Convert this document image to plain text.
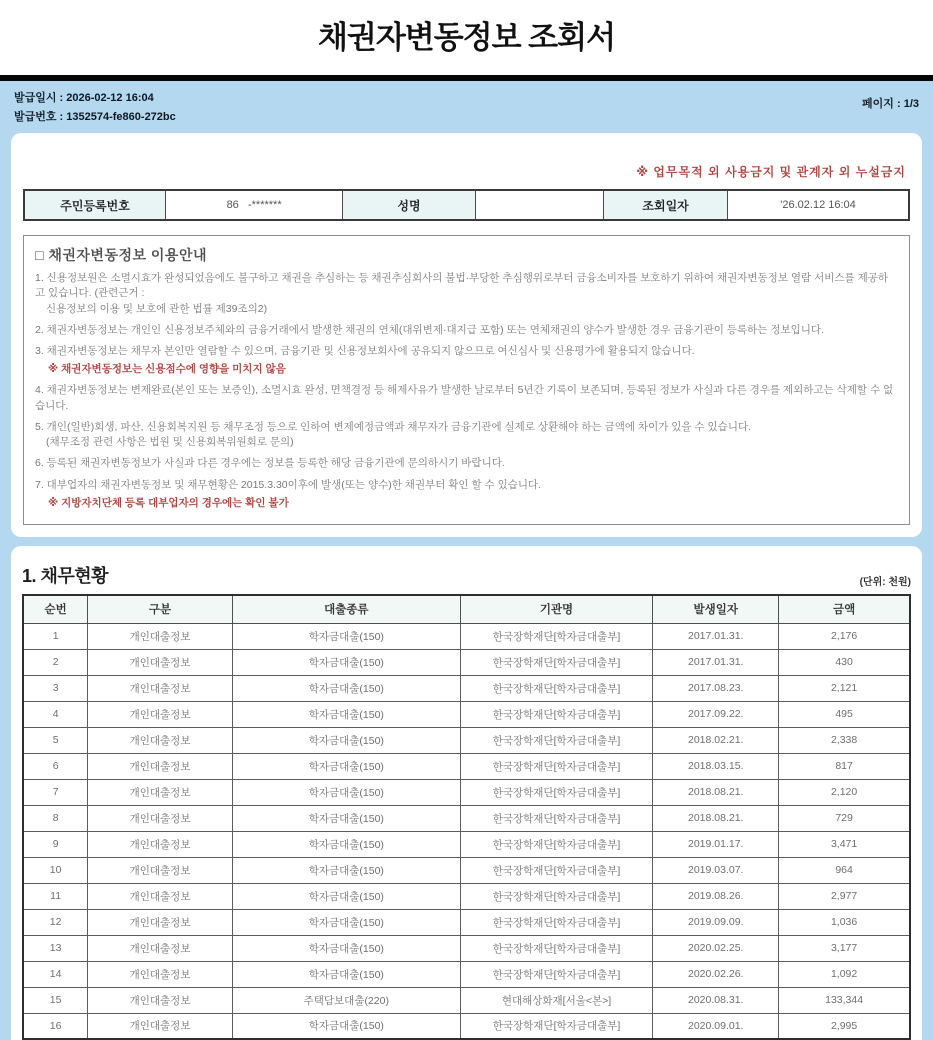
채권자변동정보 조회서
발급일시 : 2026-02-12 16:04
발급번호 : 1352574-fe860-272bc
페이지 : 1/3
※ 업무목적 외 사용금지 및 관계자 외 누설금지
주민등록번호	86   -*******	성명		조회일자	'26.02.12 16:04
□ 채권자변동정보 이용안내
1. 신용정보원은 소멸시효가 완성되었음에도 불구하고 채권을 추심하는 등 채권추심회사의 불법·부당한 추심행위로부터 금융소비자를 보호하기 위하여 채권자변동정보 열람 서비스를 제공하고 있습니다. (관련근거 :
신용정보의 이용 및 보호에 관한 법률 제39조의2)
2. 채권자변동정보는 개인인 신용정보주체와의 금융거래에서 발생한 채권의 연체(대위변제·대지급 포함) 또는 연체채권의 양수가 발생한 경우 금융기관이 등록하는 정보입니다.
3. 채권자변동정보는 채무자 본인만 열람할 수 있으며, 금융기관 및 신용정보회사에 공유되지 않으므로 여신심사 및 신용평가에 활용되지 않습니다.
※ 채권자변동정보는 신용점수에 영향을 미치지 않음
4. 채권자변동정보는 변제완료(본인 또는 보증인), 소멸시효 완성, 면책결정 등 해제사유가 발생한 날로부터 5년간 기록이 보존되며, 등록된 정보가 사실과 다른 경우를 제외하고는 삭제할 수 없습니다.
5. 개인(일반)회생, 파산, 신용회복지원 등 채무조정 등으로 인하여 변제예정금액과 채무자가 금융기관에 실제로 상환해야 하는 금액에 차이가 있을 수 있습니다.
(채무조정 관련 사항은 법원 및 신용회복위원회로 문의)
6. 등록된 채권자변동정보가 사실과 다른 경우에는 정보를 등록한 해당 금융기관에 문의하시기 바랍니다.
7. 대부업자의 채권자변동정보 및 채무현황은 2015.3.30이후에 발생(또는 양수)한 채권부터 확인 할 수 있습니다.
※ 지방자치단체 등록 대부업자의 경우에는 확인 불가
1. 채무현황	(단위: 천원)
순번	구분	대출종류	기관명	발생일자	금액
1	개인대출정보	학자금대출(150)	한국장학재단[학자금대출부]	2017.01.31.	2,176
2	개인대출정보	학자금대출(150)	한국장학재단[학자금대출부]	2017.01.31.	430
3	개인대출정보	학자금대출(150)	한국장학재단[학자금대출부]	2017.08.23.	2,121
4	개인대출정보	학자금대출(150)	한국장학재단[학자금대출부]	2017.09.22.	495
5	개인대출정보	학자금대출(150)	한국장학재단[학자금대출부]	2018.02.21.	2,338
6	개인대출정보	학자금대출(150)	한국장학재단[학자금대출부]	2018.03.15.	817
7	개인대출정보	학자금대출(150)	한국장학재단[학자금대출부]	2018.08.21.	2,120
8	개인대출정보	학자금대출(150)	한국장학재단[학자금대출부]	2018.08.21.	729
9	개인대출정보	학자금대출(150)	한국장학재단[학자금대출부]	2019.01.17.	3,471
10	개인대출정보	학자금대출(150)	한국장학재단[학자금대출부]	2019.03.07.	964
11	개인대출정보	학자금대출(150)	한국장학재단[학자금대출부]	2019.08.26.	2,977
12	개인대출정보	학자금대출(150)	한국장학재단[학자금대출부]	2019.09.09.	1,036
13	개인대출정보	학자금대출(150)	한국장학재단[학자금대출부]	2020.02.25.	3,177
14	개인대출정보	학자금대출(150)	한국장학재단[학자금대출부]	2020.02.26.	1,092
15	개인대출정보	주택담보대출(220)	현대해상화재[서울<본>]	2020.08.31.	133,344
16	개인대출정보	학자금대출(150)	한국장학재단[학자금대출부]	2020.09.01.	2,995
